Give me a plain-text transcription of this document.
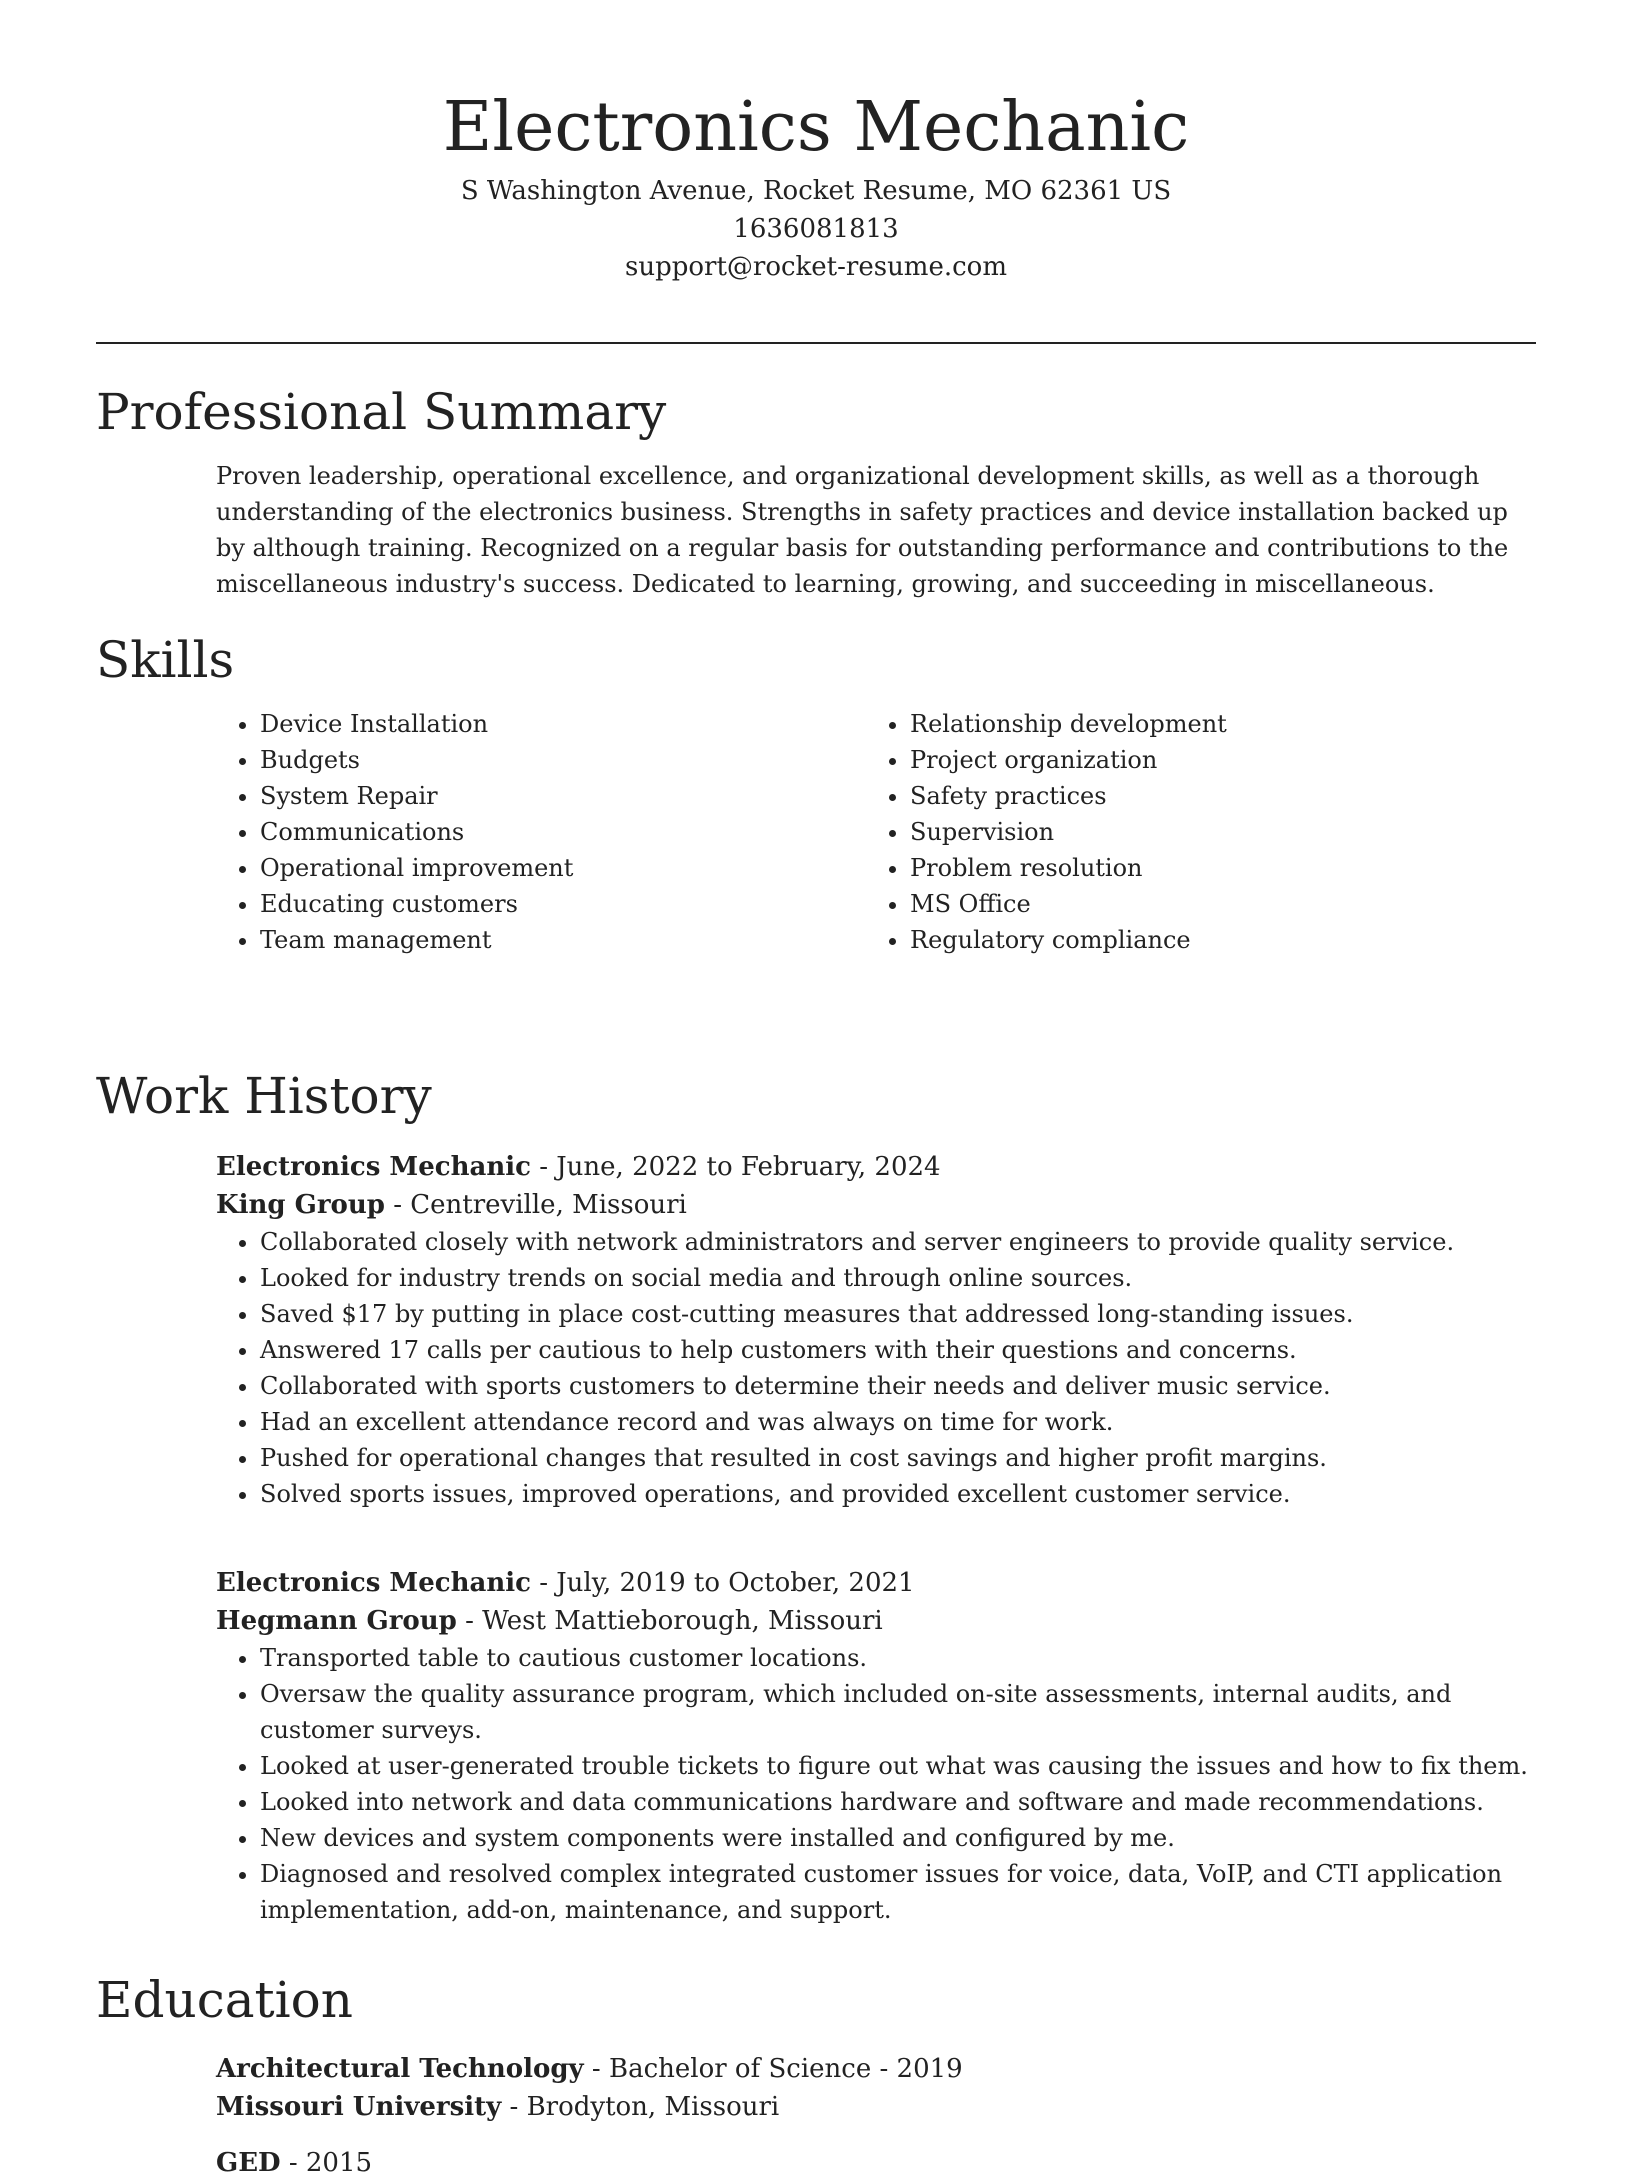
Electronics Mechanic
S Washington Avenue, Rocket Resume, MO 62361 US
1636081813
support@rocket-resume.com
Professional Summary
Proven leadership, operational excellence, and organizational development skills, as well as a thorough understanding of the electronics business. Strengths in safety practices and device installation backed up by although training. Recognized on a regular basis for outstanding performance and contributions to the miscellaneous industry's success. Dedicated to learning, growing, and succeeding in miscellaneous.
Skills
• Device Installation
• Budgets
• System Repair
• Communications
• Operational improvement
• Educating customers
• Team management
• Relationship development
• Project organization
• Safety practices
• Supervision
• Problem resolution
• MS Office
• Regulatory compliance
Work History
Electronics Mechanic - June, 2022 to February, 2024
King Group - Centreville, Missouri
• Collaborated closely with network administrators and server engineers to provide quality service.
• Looked for industry trends on social media and through online sources.
• Saved $17 by putting in place cost-cutting measures that addressed long-standing issues.
• Answered 17 calls per cautious to help customers with their questions and concerns.
• Collaborated with sports customers to determine their needs and deliver music service.
• Had an excellent attendance record and was always on time for work.
• Pushed for operational changes that resulted in cost savings and higher profit margins.
• Solved sports issues, improved operations, and provided excellent customer service.
Electronics Mechanic - July, 2019 to October, 2021
Hegmann Group - West Mattieborough, Missouri
• Transported table to cautious customer locations.
• Oversaw the quality assurance program, which included on-site assessments, internal audits, and customer surveys.
• Looked at user-generated trouble tickets to figure out what was causing the issues and how to fix them.
• Looked into network and data communications hardware and software and made recommendations.
• New devices and system components were installed and configured by me.
• Diagnosed and resolved complex integrated customer issues for voice, data, VoIP, and CTI application implementation, add-on, maintenance, and support.
Education
Architectural Technology - Bachelor of Science - 2019
Missouri University - Brodyton, Missouri
GED - 2015
